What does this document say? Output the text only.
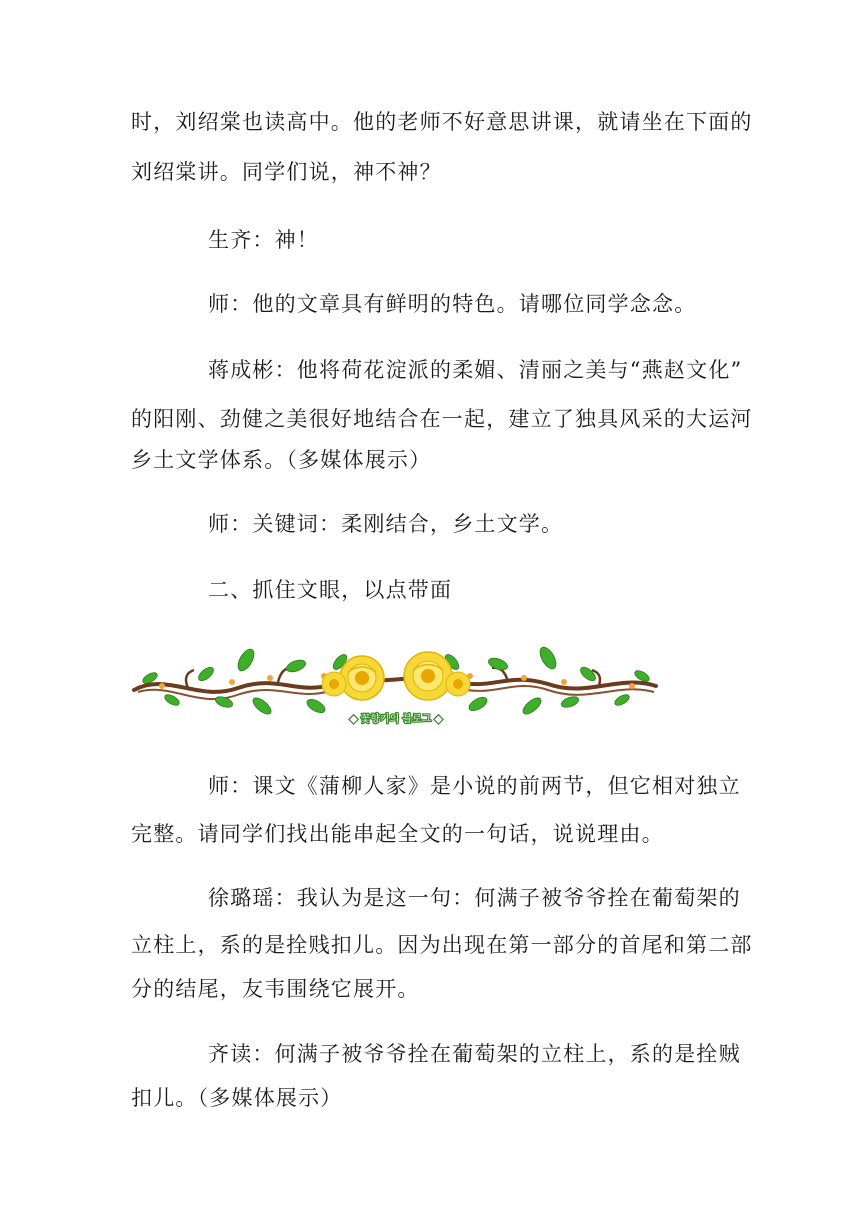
时，刘绍棠也读高中。他的老师不好意思讲课，就请坐在下面的
刘绍棠讲。同学们说，神不神？
生齐：神！
师：他的文章具有鲜明的特色。请哪位同学念念。
蒋成彬：他将荷花淀派的柔媚、清丽之美与“燕赵文化”
的阳刚、劲健之美很好地结合在一起，建立了独具风采的大运河
乡土文学体系。（多媒体展示）
师：关键词：柔刚结合，乡土文学。
二、抓住文眼，以点带面
◆ 꽃향기의 블로그 ◆
师：课文《蒲柳人家》是小说的前两节，但它相对独立
完整。请同学们找出能串起全文的一句话，说说理由。
徐璐瑶：我认为是这一句：何满子被爷爷拴在葡萄架的
立柱上，系的是拴贱扣儿。因为出现在第一部分的首尾和第二部
分的结尾，友韦围绕它展开。
齐读：何满子被爷爷拴在葡萄架的立柱上，系的是拴贼
扣儿。（多媒体展示）
